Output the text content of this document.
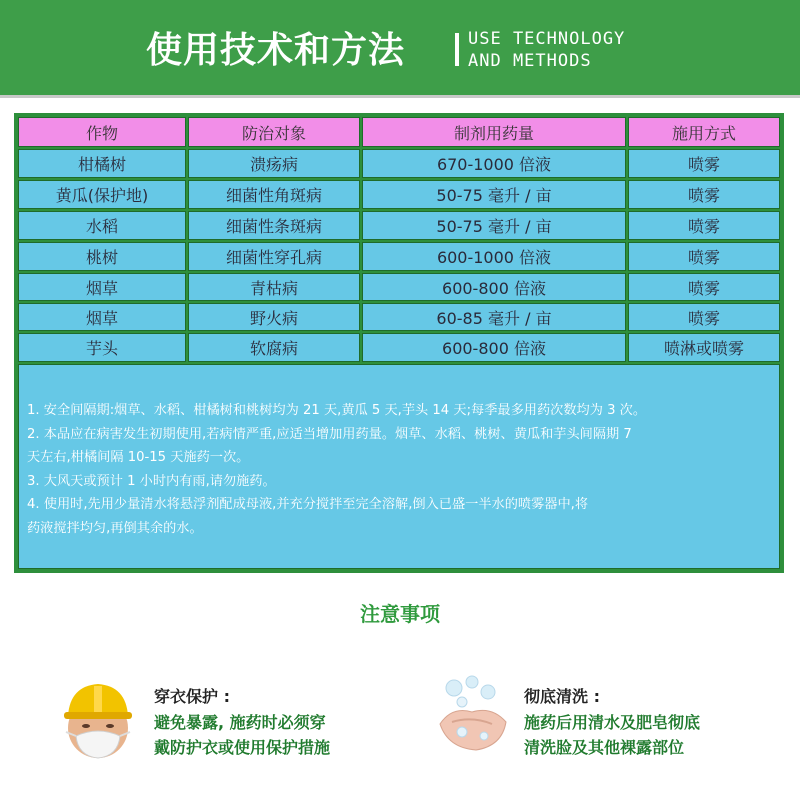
使用技术和方法	USE TECHNOLOGY
AND METHODS
作物	防治对象	制剂用药量	施用方式
柑橘树	溃疡病	670-1000 倍液	喷雾
黄瓜(保护地)	细菌性角斑病	50-75 毫升 / 亩	喷雾
水稻	细菌性条斑病	50-75 毫升 / 亩	喷雾
桃树	细菌性穿孔病	600-1000 倍液	喷雾
烟草	青枯病	600-800 倍液	喷雾
烟草	野火病	60-85 毫升 / 亩	喷雾
芋头	软腐病	600-800 倍液	喷淋或喷雾
1. 安全间隔期:烟草、水稻、柑橘树和桃树均为 21 天,黄瓜 5 天,芋头 14 天;每季最多用药次数均为 3 次。
2. 本品应在病害发生初期使用,若病情严重,应适当增加用药量。烟草、水稻、桃树、黄瓜和芋头间隔期 7
天左右,柑橘间隔 10-15 天施药一次。
3. 大风天或预计 1 小时内有雨,请勿施药。
4. 使用时,先用少量清水将悬浮剂配成母液,并充分搅拌至完全溶解,倒入已盛一半水的喷雾器中,将
药液搅拌均匀,再倒其余的水。
注意事项
穿衣保护 :
避免暴露, 施药时必须穿
戴防护衣或使用保护措施
彻底清洗 :
施药后用清水及肥皂彻底
清洗脸及其他裸露部位
